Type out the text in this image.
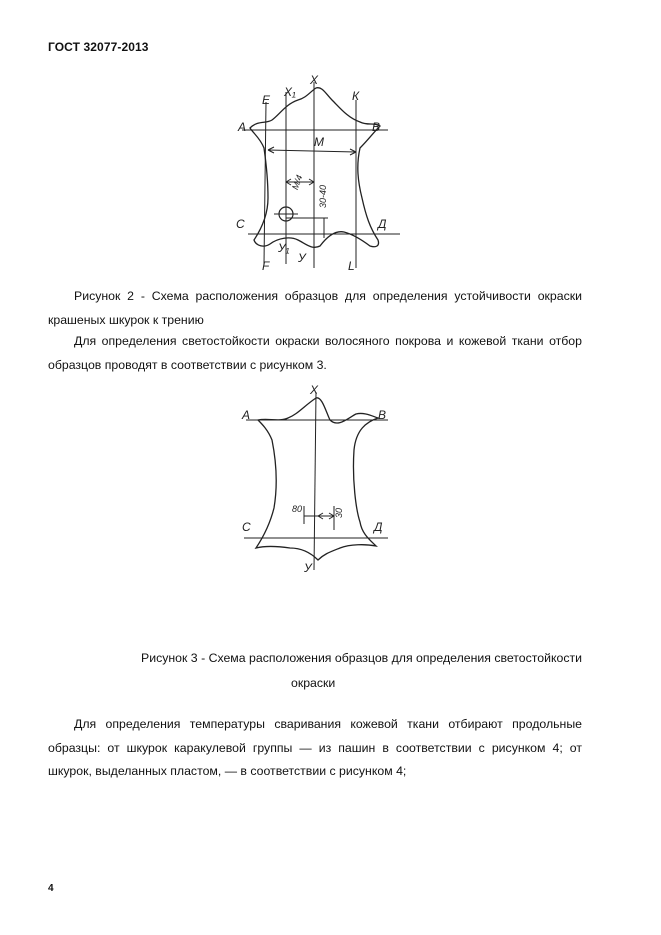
ГОСТ 32077-2013
А	В
С	Д
Е	К
F	L
X
X₁
У
У₁
М
М/4
30-40

Рисунок 2 - Схема расположения образцов для определения устойчивости окраски крашеных шкурок к трению

Для определения светостойкости окраски волосяного покрова и кожевой ткани отбор образцов проводят в соответствии с рисунком 3.

А	В
С	Д
X
У
80	30
Рисунок 3 - Схема расположения образцов для определения светостойкости
окраски

Для определения температуры сваривания кожевой ткани отбирают продольные образцы: от шкурок каракулевой группы — из пашин в соответствии с рисунком 4; от шкурок, выделанных пластом, — в соответствии с рисунком 4;

4
